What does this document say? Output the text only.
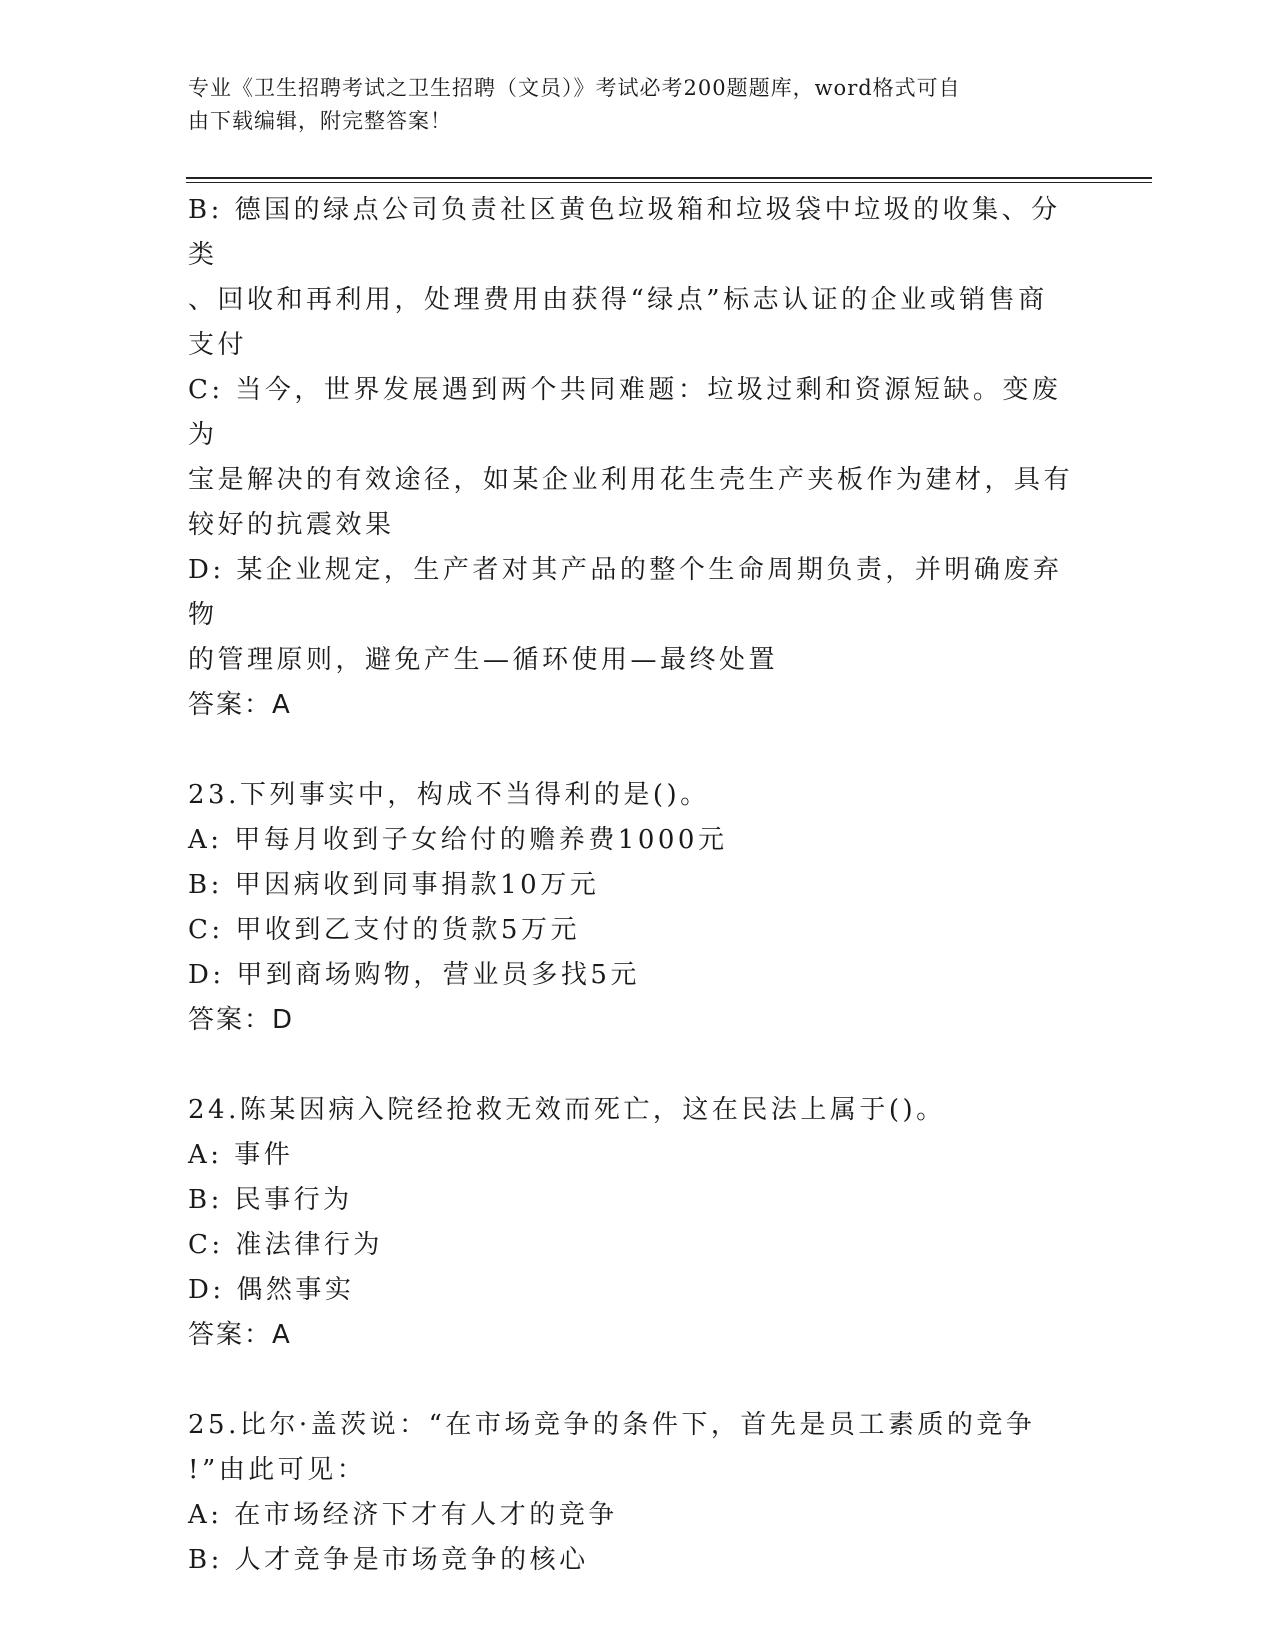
专业《卫生招聘考试之卫生招聘（文员）》考试必考200题题库，word格式可自
由下载编辑，附完整答案！
B: 德国的绿点公司负责社区黄色垃圾箱和垃圾袋中垃圾的收集、分类
、回收和再利用，处理费用由获得“绿点”标志认证的企业或销售商
支付
C: 当今，世界发展遇到两个共同难题：垃圾过剩和资源短缺。变废为
宝是解决的有效途径，如某企业利用花生壳生产夹板作为建材，具有
较好的抗震效果
D: 某企业规定，生产者对其产品的整个生命周期负责，并明确废弃物
的管理原则，避免产生—循环使用—最终处置
答案：A
23.下列事实中，构成不当得利的是()。
A: 甲每月收到子女给付的赡养费1000元
B: 甲因病收到同事捐款10万元
C: 甲收到乙支付的货款5万元
D: 甲到商场购物，营业员多找5元
答案：D
24.陈某因病入院经抢救无效而死亡，这在民法上属于()。
A: 事件
B: 民事行为
C: 准法律行为
D: 偶然事实
答案：A
25.比尔·盖茨说：“在市场竞争的条件下，首先是员工素质的竞争
!”由此可见：
A: 在市场经济下才有人才的竞争
B: 人才竞争是市场竞争的核心
